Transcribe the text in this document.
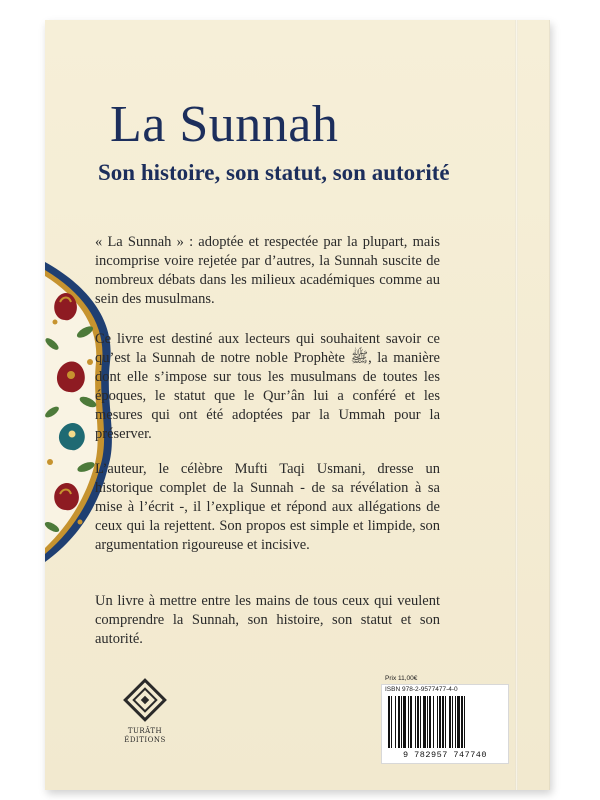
La Sunnah
Son histoire, son statut, son autorité

« La Sunnah » : adoptée et respectée par la plupart, mais incomprise voire rejetée par d’autres, la Sunnah suscite de nombreux débats dans les milieux académiques comme au sein des musulmans.

Ce livre est destiné aux lecteurs qui souhaitent savoir ce qu’est la Sunnah de notre noble Prophète ﷺ, la manière dont elle s’impose sur tous les musulmans de toutes les époques, le statut que le Qur’ân lui a conféré et les mesures qui ont été adoptées par la Ummah pour la préserver.

L’auteur, le célèbre Mufti Taqi Usmani, dresse un historique complet de la Sunnah - de sa révélation à sa mise à l’écrit -, il l’explique et répond aux allégations de ceux qui la rejettent. Son propos est simple et limpide, son argumentation rigoureuse et incisive.

Un livre à mettre entre les mains de tous ceux qui veulent comprendre la Sunnah, son histoire, son statut et son autorité.

TURÂTH
ÉDITIONS
Prix 11,00€
ISBN 978-2-9577477-4-0
9 782957 747740
